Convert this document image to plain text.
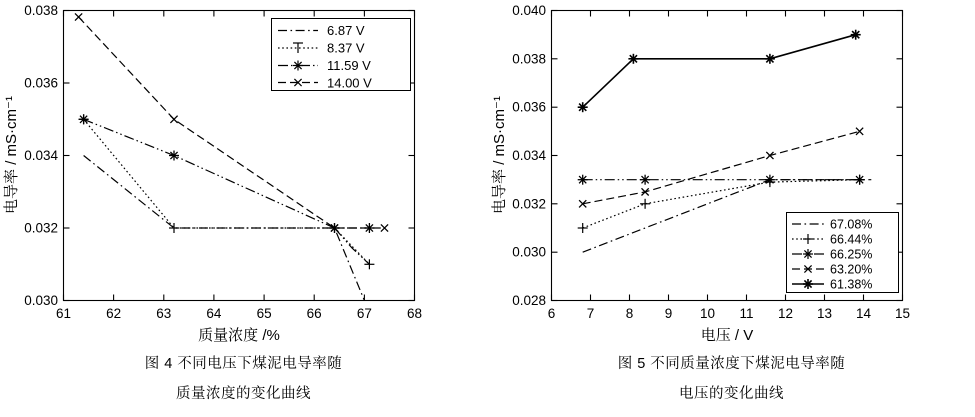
61	62	63	64	65	66	67	68
0.030
0.032
0.034
0.036
0.038
质量浓度 /%
电导率 / mS·cm⁻¹
6.87 V
8.37 V
11.59 V
14.00 V
图 4 不同电压下煤泥电导率随
质量浓度的变化曲线
6 7 8 9 10 11 12 13 14 15
0.028
0.030
0.032
0.034
0.036
0.038
0.040
电压 / V
电导率 / mS·cm⁻¹
67.08%
66.44%
66.25%
63.20%
61.38%
图 5 不同质量浓度下煤泥电导率随
电压的变化曲线
